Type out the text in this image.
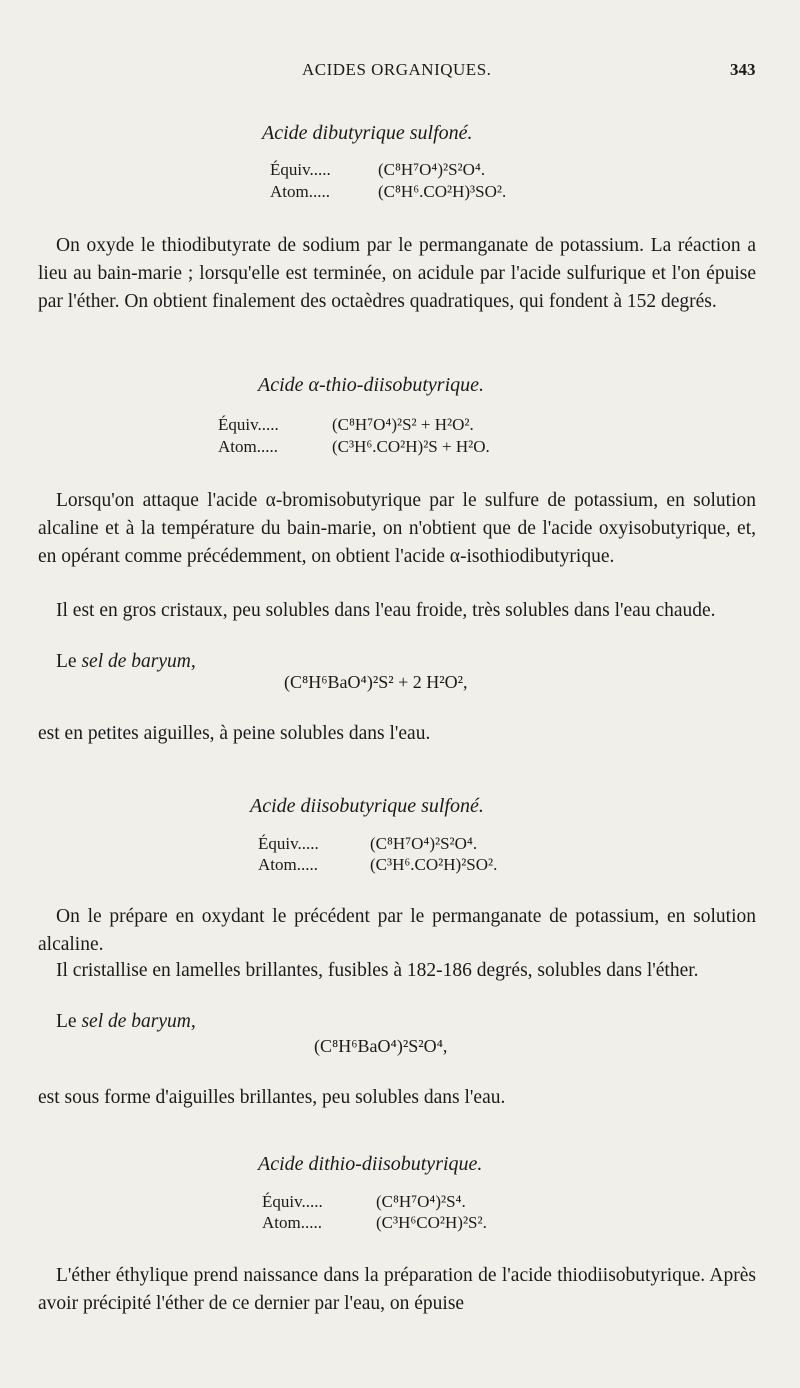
ACIDES ORGANIQUES.	343
Acide dibutyrique sulfoné.
Équiv.....	(C⁸H⁷O⁴)²S²O⁴.
Atom.....	(C⁸H⁶.CO²H)³SO².
On oxyde le thiodibutyrate de sodium par le permanganate de potassium. La réaction a lieu au bain-marie ; lorsqu'elle est terminée, on acidule par l'acide sulfurique et l'on épuise par l'éther. On obtient finalement des octaèdres quadratiques, qui fondent à 152 degrés.
Acide α-thio-diisobutyrique.
Équiv.....	(C⁸H⁷O⁴)²S² + H²O².
Atom.....	(C³H⁶.CO²H)²S + H²O.
Lorsqu'on attaque l'acide α-bromisobutyrique par le sulfure de potassium, en solution alcaline et à la température du bain-marie, on n'obtient que de l'acide oxyisobutyrique, et, en opérant comme précédemment, on obtient l'acide α-isothiodibutyrique.
Il est en gros cristaux, peu solubles dans l'eau froide, très solubles dans l'eau chaude.
Le sel de baryum,
(C⁸H⁶BaO⁴)²S² + 2 H²O²,
est en petites aiguilles, à peine solubles dans l'eau.
Acide diisobutyrique sulfoné.
Équiv.....	(C⁸H⁷O⁴)²S²O⁴.
Atom.....	(C³H⁶.CO²H)²SO².
On le prépare en oxydant le précédent par le permanganate de potassium, en solution alcaline.
Il cristallise en lamelles brillantes, fusibles à 182-186 degrés, solubles dans l'éther.
Le sel de baryum,
(C⁸H⁶BaO⁴)²S²O⁴,
est sous forme d'aiguilles brillantes, peu solubles dans l'eau.
Acide dithio-diisobutyrique.
Équiv.....	(C⁸H⁷O⁴)²S⁴.
Atom.....	(C³H⁶CO²H)²S².
L'éther éthylique prend naissance dans la préparation de l'acide thiodiisobutyrique. Après avoir précipité l'éther de ce dernier par l'eau, on épuise
